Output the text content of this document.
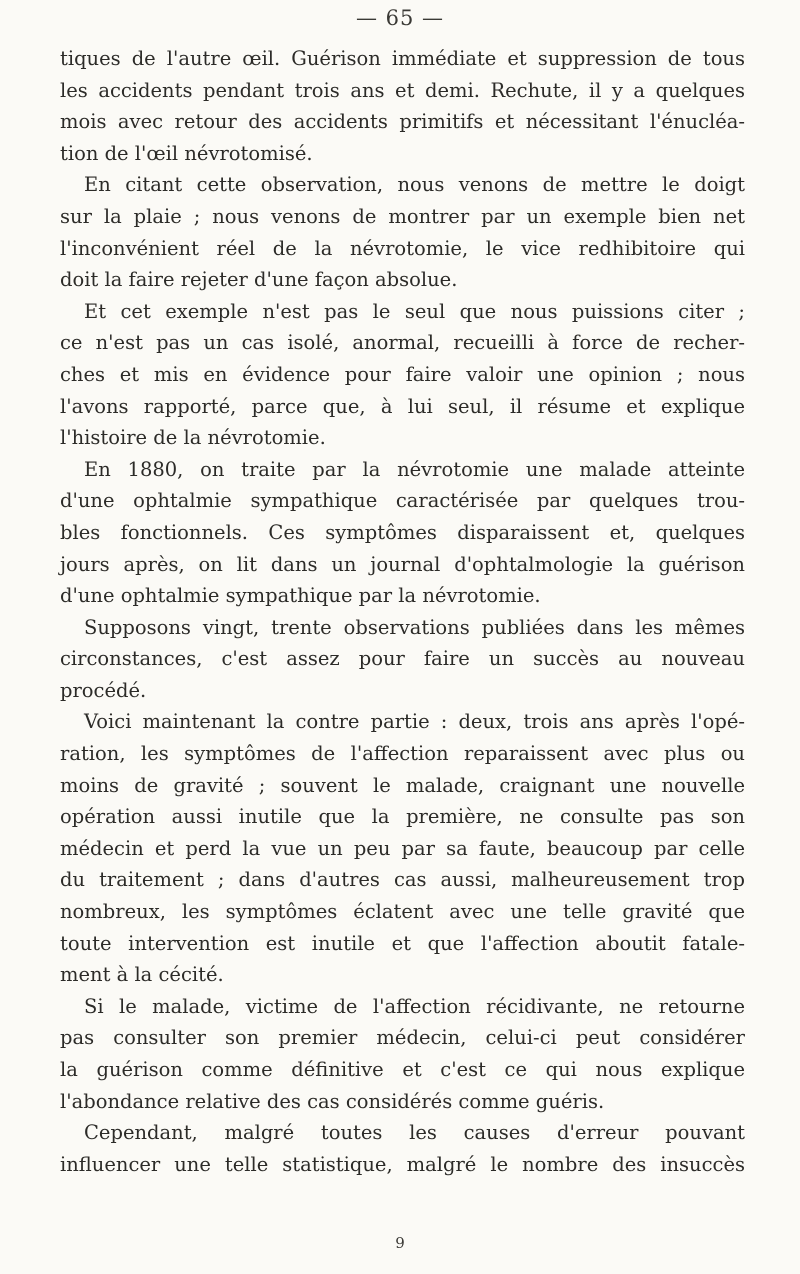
— 65 —
tiques de l'autre œil. Guérison immédiate et suppression de tous
les accidents pendant trois ans et demi. Rechute, il y a quelques
mois avec retour des accidents primitifs et nécessitant l'énucléa-
tion de l'œil névrotomisé.
En citant cette observation, nous venons de mettre le doigt
sur la plaie ; nous venons de montrer par un exemple bien net
l'inconvénient réel de la névrotomie, le vice redhibitoire qui
doit la faire rejeter d'une façon absolue.
Et cet exemple n'est pas le seul que nous puissions citer ;
ce n'est pas un cas isolé, anormal, recueilli à force de recher-
ches et mis en évidence pour faire valoir une opinion ; nous
l'avons rapporté, parce que, à lui seul, il résume et explique
l'histoire de la névrotomie.
En 1880, on traite par la névrotomie une malade atteinte
d'une ophtalmie sympathique caractérisée par quelques trou-
bles fonctionnels. Ces symptômes disparaissent et, quelques
jours après, on lit dans un journal d'ophtalmologie la guérison
d'une ophtalmie sympathique par la névrotomie.
Supposons vingt, trente observations publiées dans les mêmes
circonstances, c'est assez pour faire un succès au nouveau
procédé.
Voici maintenant la contre partie : deux, trois ans après l'opé-
ration, les symptômes de l'affection reparaissent avec plus ou
moins de gravité ; souvent le malade, craignant une nouvelle
opération aussi inutile que la première, ne consulte pas son
médecin et perd la vue un peu par sa faute, beaucoup par celle
du traitement ; dans d'autres cas aussi, malheureusement trop
nombreux, les symptômes éclatent avec une telle gravité que
toute intervention est inutile et que l'affection aboutit fatale-
ment à la cécité.
Si le malade, victime de l'affection récidivante, ne retourne
pas consulter son premier médecin, celui-ci peut considérer
la guérison comme définitive et c'est ce qui nous explique
l'abondance relative des cas considérés comme guéris.
Cependant, malgré toutes les causes d'erreur pouvant
influencer une telle statistique, malgré le nombre des insuccès
9
